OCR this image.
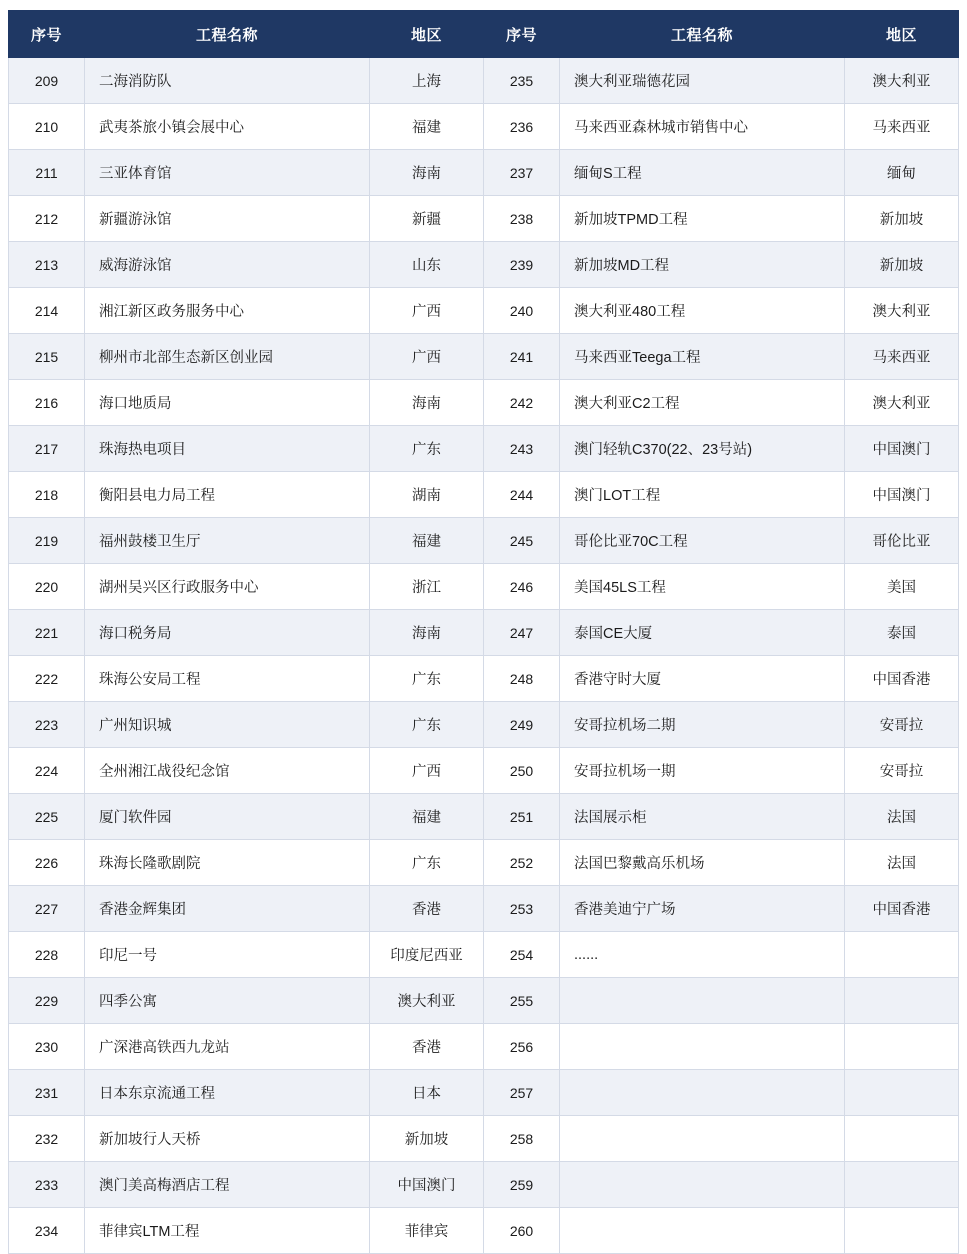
序号	工程名称	地区	序号	工程名称	地区
209	二海消防队	上海	235	澳大利亚瑞德花园	澳大利亚
210	武夷茶旅小镇会展中心	福建	236	马来西亚森林城市销售中心	马来西亚
211	三亚体育馆	海南	237	缅甸S工程	缅甸
212	新疆游泳馆	新疆	238	新加坡TPMD工程	新加坡
213	威海游泳馆	山东	239	新加坡MD工程	新加坡
214	湘江新区政务服务中心	广西	240	澳大利亚480工程	澳大利亚
215	柳州市北部生态新区创业园	广西	241	马来西亚Teega工程	马来西亚
216	海口地质局	海南	242	澳大利亚C2工程	澳大利亚
217	珠海热电项目	广东	243	澳门轻轨C370(22、23号站)	中国澳门
218	衡阳县电力局工程	湖南	244	澳门LOT工程	中国澳门
219	福州鼓楼卫生厅	福建	245	哥伦比亚70C工程	哥伦比亚
220	湖州吴兴区行政服务中心	浙江	246	美国45LS工程	美国
221	海口税务局	海南	247	泰国CE大厦	泰国
222	珠海公安局工程	广东	248	香港守时大厦	中国香港
223	广州知识城	广东	249	安哥拉机场二期	安哥拉
224	全州湘江战役纪念馆	广西	250	安哥拉机场一期	安哥拉
225	厦门软件园	福建	251	法国展示柜	法国
226	珠海长隆歌剧院	广东	252	法国巴黎戴高乐机场	法国
227	香港金辉集团	香港	253	香港美迪宁广场	中国香港
228	印尼一号	印度尼西亚	254	......	
229	四季公寓	澳大利亚	255		
230	广深港高铁西九龙站	香港	256		
231	日本东京流通工程	日本	257		
232	新加坡行人天桥	新加坡	258		
233	澳门美高梅酒店工程	中国澳门	259		
234	菲律宾LTM工程	菲律宾	260		
